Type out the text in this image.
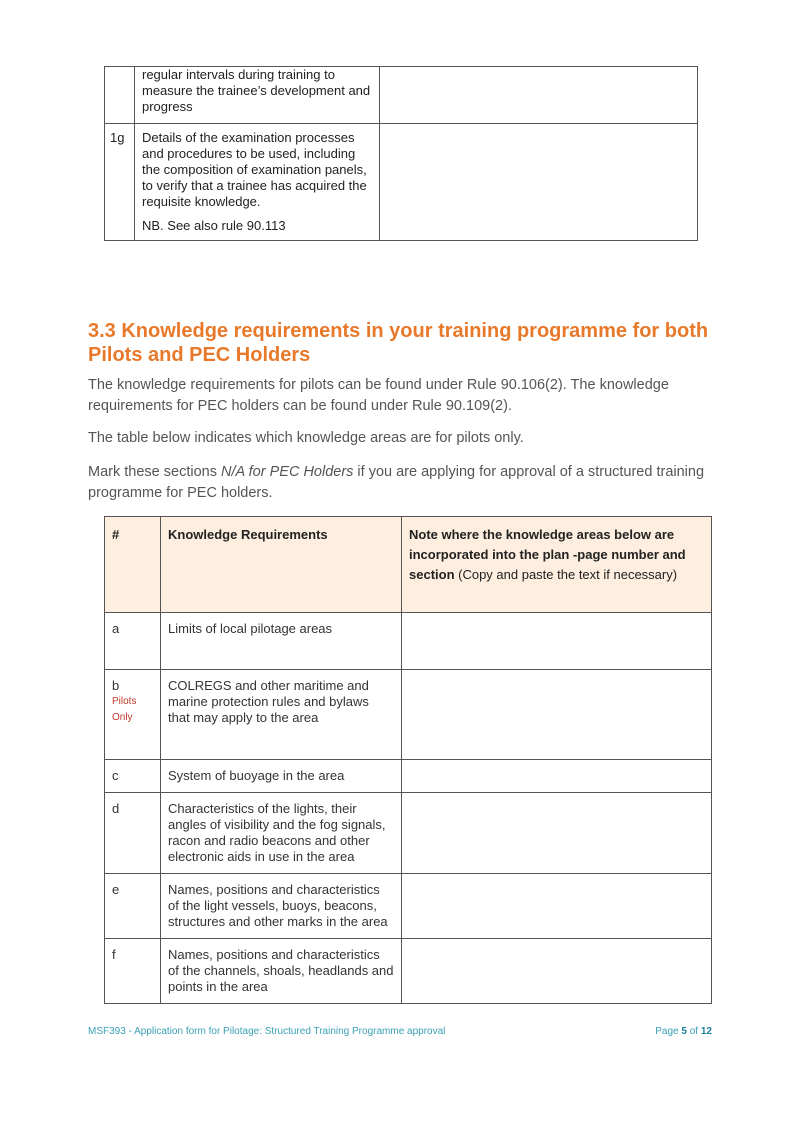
	regular intervals during training to measure the trainee’s development and progress	
1g	Details of the examination processes and procedures to be used, including the composition of examination panels, to verify that a trainee has acquired the requisite knowledge.
NB. See also rule 90.113	

3.3 Knowledge requirements in your training programme for both Pilots and PEC Holders

The knowledge requirements for pilots can be found under Rule 90.106(2). The knowledge requirements for PEC holders can be found under Rule 90.109(2).

The table below indicates which knowledge areas are for pilots only.

Mark these sections N/A for PEC Holders if you are applying for approval of a structured training programme for PEC holders.

#	Knowledge Requirements	Note where the knowledge areas below are incorporated into the plan -page number and section (Copy and paste the text if necessary)
a	Limits of local pilotage areas	
b
Pilots
Only	COLREGS and other maritime and marine protection rules and bylaws that may apply to the area	
c	System of buoyage in the area	
d	Characteristics of the lights, their angles of visibility and the fog signals, racon and radio beacons and other electronic aids in use in the area	
e	Names, positions and characteristics of the light vessels, buoys, beacons, structures and other marks in the area	
f	Names, positions and characteristics of the channels, shoals, headlands and points in the area	
MSF393 - Application form for Pilotage: Structured Training Programme approval	Page 5 of 12
